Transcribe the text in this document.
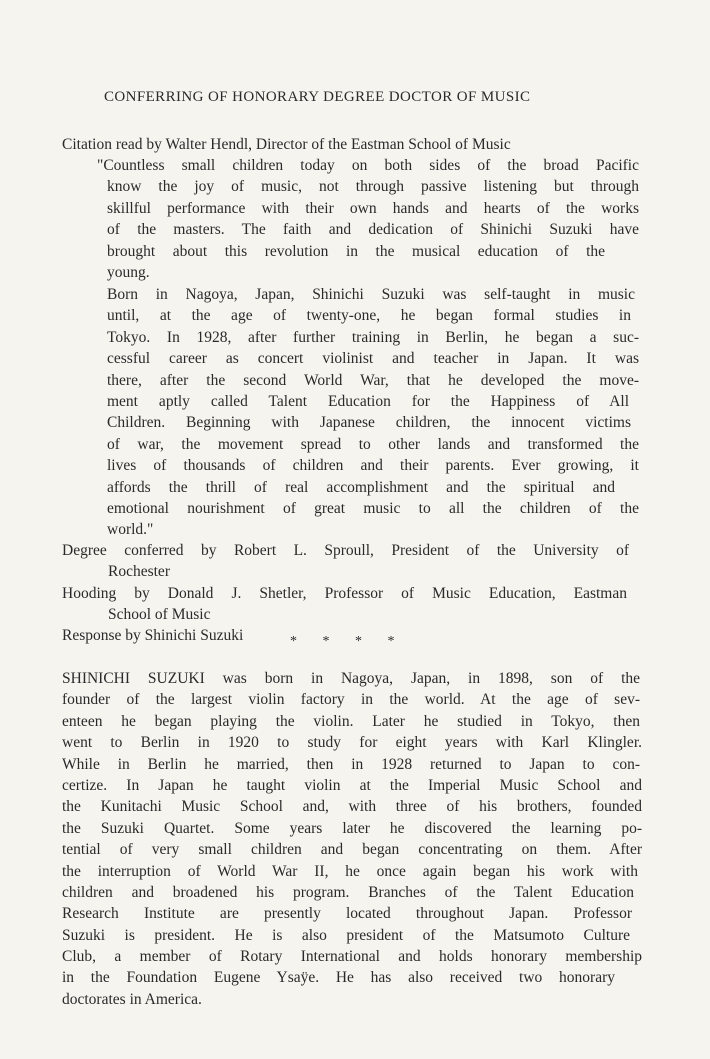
CONFERRING OF HONORARY DEGREE DOCTOR OF MUSIC
Citation read by Walter Hendl, Director of the Eastman School of Music
"Countless small children today on both sides of the broad Pacific
know the joy of music, not through passive listening but through
skillful performance with their own hands and hearts of the works
of the masters. The faith and dedication of Shinichi Suzuki have
brought about this revolution in the musical education of the
young.
Born in Nagoya, Japan, Shinichi Suzuki was self-taught in music
until, at the age of twenty-one, he began formal studies in
Tokyo. In 1928, after further training in Berlin, he began a suc-
cessful career as concert violinist and teacher in Japan. It was
there, after the second World War, that he developed the move-
ment aptly called Talent Education for the Happiness of All
Children. Beginning with Japanese children, the innocent victims
of war, the movement spread to other lands and transformed the
lives of thousands of children and their parents. Ever growing, it
affords the thrill of real accomplishment and the spiritual and
emotional nourishment of great music to all the children of the
world."
Degree conferred by Robert L. Sproull, President of the University of
Rochester
Hooding by Donald J. Shetler, Professor of Music Education, Eastman
School of Music
Response by Shinichi Suzuki	* * * *
SHINICHI SUZUKI was born in Nagoya, Japan, in 1898, son of the
founder of the largest violin factory in the world. At the age of sev-
enteen he began playing the violin. Later he studied in Tokyo, then
went to Berlin in 1920 to study for eight years with Karl Klingler.
While in Berlin he married, then in 1928 returned to Japan to con-
certize. In Japan he taught violin at the Imperial Music School and
the Kunitachi Music School and, with three of his brothers, founded
the Suzuki Quartet. Some years later he discovered the learning po-
tential of very small children and began concentrating on them. After
the interruption of World War II, he once again began his work with
children and broadened his program. Branches of the Talent Education
Research Institute are presently located throughout Japan. Professor
Suzuki is president. He is also president of the Matsumoto Culture
Club, a member of Rotary International and holds honorary membership
in the Foundation Eugene Ysaÿe. He has also received two honorary
doctorates in America.
